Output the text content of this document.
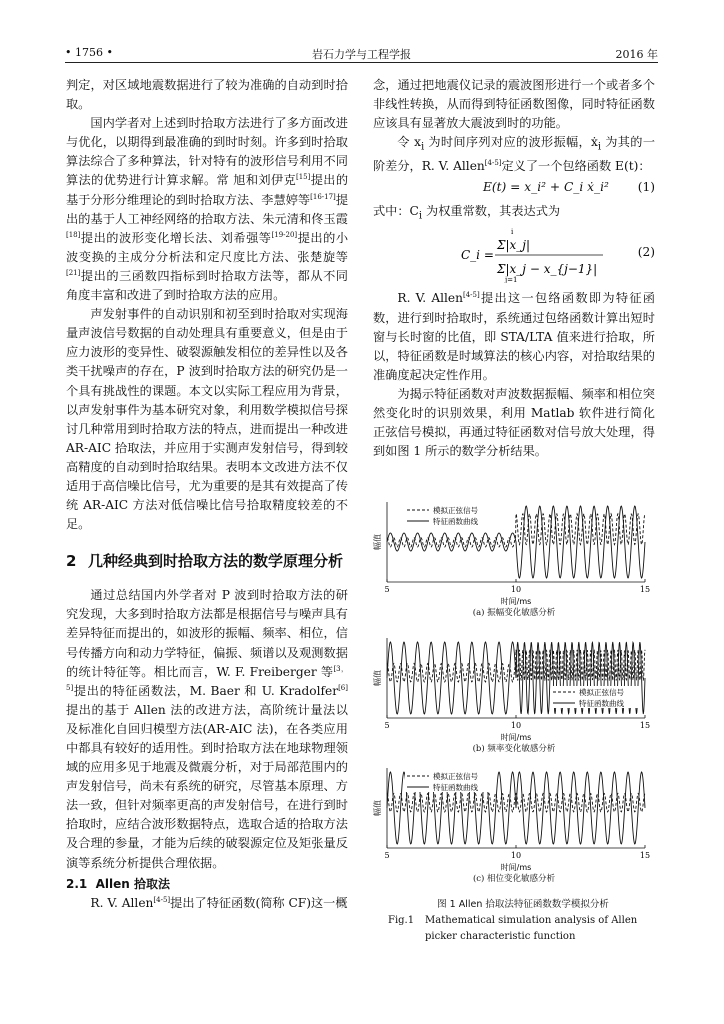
• 1756 •	岩石力学与工程学报	2016 年

判定，对区域地震数据进行了较为准确的自动到时拾取。

国内学者对上述到时拾取方法进行了多方面改进与优化，以期得到最准确的到时时刻。许多到时拾取算法综合了多种算法，针对特有的波形信号利用不同算法的优势进行计算求解。常 旭和刘伊克[15]提出的基于分形分维理论的到时拾取方法、李慧婷等[16-17]提出的基于人工神经网络的拾取方法、朱元清和佟玉霞[18]提出的波形变化增长法、刘希强等[19-20]提出的小波变换的主成分分析法和定尺度比方法、张楚旋等[21]提出的三函数四指标到时拾取方法等，都从不同角度丰富和改进了到时拾取方法的应用。

声发射事件的自动识别和初至到时拾取对实现海量声波信号数据的自动处理具有重要意义，但是由于应力波形的变异性、破裂源触发相位的差异性以及各类干扰噪声的存在，P 波到时拾取方法的研究仍是一个具有挑战性的课题。本文以实际工程应用为背景，以声发射事件为基本研究对象，利用数学模拟信号探讨几种常用到时拾取方法的特点，进而提出一种改进 AR-AIC 拾取法，并应用于实测声发射信号，得到较高精度的自动到时拾取结果。表明本文改进方法不仅适用于高信噪比信号，尤为重要的是其有效提高了传统 AR-AIC 方法对低信噪比信号拾取精度较差的不足。

2 几种经典到时拾取方法的数学原理分析

通过总结国内外学者对 P 波到时拾取方法的研究发现，大多到时拾取方法都是根据信号与噪声具有差异特征而提出的，如波形的振幅、频率、相位，信号传播方向和动力学特征，偏振、频谱以及观测数据的统计特征等。相比而言，W. F. Freiberger 等[3，5]提出的特征函数法，M. Baer 和 U. Kradolfer[6]提出的基于 Allen 法的改进方法，高阶统计量法以及标准化自回归模型方法(AR-AIC 法)，在各类应用中都具有较好的适用性。到时拾取方法在地球物理领域的应用多见于地震及微震分析，对于局部范围内的声发射信号，尚未有系统的研究，尽管基本原理、方法一致，但针对频率更高的声发射信号，在进行到时拾取时，应结合波形数据特点，选取合适的拾取方法及合理的参量，才能为后续的破裂源定位及矩张量反演等系统分析提供合理依据。

2.1 Allen 拾取法

R. V. Allen[4-5]提出了特征函数(简称 CF)这一概

念，通过把地震仪记录的震波图形进行一个或者多个非线性转换，从而得到特征函数图像，同时特征函数应该具有显著放大震波到时的功能。

令 $x_i$ 为时间序列对应的波形振幅，ẋ$_i$ 为其的一阶差分，R. V. Allen[4-5]定义了一个包络函数 E(t)：

E(t) = x_i² + C_i ẋ_i² (1)

式中：$C_i$ 为权重常数，其表达式为

C_i =
i
Σ|x_j|
Σ|x_j − x_{j−1}|
j=1
(2)

R. V. Allen[4-5]提出这一包络函数即为特征函数，进行到时拾取时，系统通过包络函数计算出短时窗与长时窗的比值，即 STA/LTA 值来进行拾取，所以，特征函数是时域算法的核心内容，对拾取结果的准确度起决定性作用。

为揭示特征函数对声波数据振幅、频率和相位突然变化时的识别效果，利用 Matlab 软件进行简化正弦信号模拟，再通过特征函数对信号放大处理，得到如图 1 所示的数学分析结果。

幅值
5	10	15
时间/ms
模拟正弦信号
特征函数曲线
(a) 振幅变化敏感分析
幅值
5	10	15
时间/ms
模拟正弦信号
特征函数曲线
(b) 频率变化敏感分析
幅值
5	10	15
时间/ms
模拟正弦信号
特征函数曲线
(c) 相位变化敏感分析
图 1 Allen 拾取法特征函数数学模拟分析
Fig.1	Mathematical simulation analysis of Allen picker characteristic function
